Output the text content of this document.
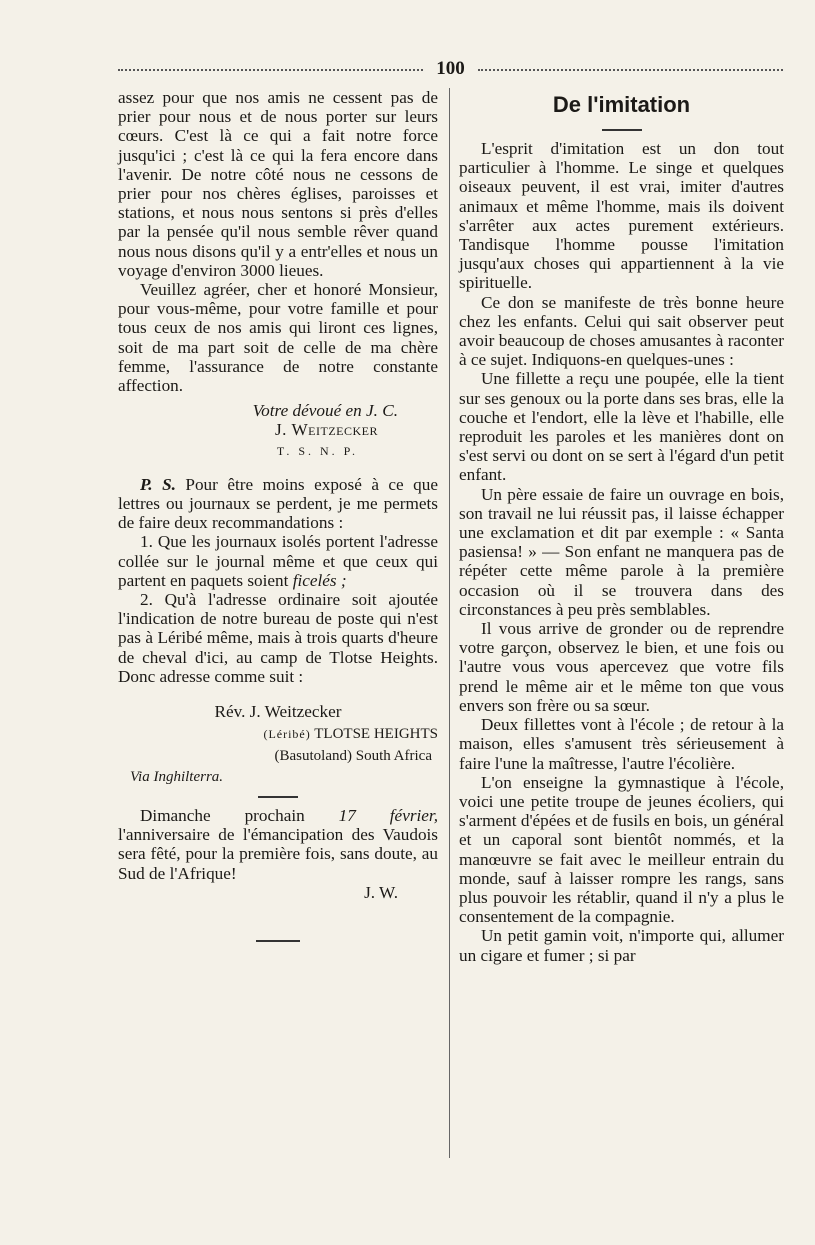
100

assez pour que nos amis ne cessent pas de prier pour nous et de nous porter sur leurs cœurs. C'est là ce qui a fait notre force jusqu'ici ; c'est là ce qui la fera encore dans l'avenir. De notre côté nous ne cessons de prier pour nos chères églises, paroisses et stations, et nous nous sentons si près d'elles par la pensée qu'il nous semble rêver quand nous nous disons qu'il y a entr'elles et nous un voyage d'environ 3000 lieues.

Veuillez agréer, cher et honoré Monsieur, pour vous-même, pour votre famille et pour tous ceux de nos amis qui liront ces lignes, soit de ma part soit de celle de ma chère femme, l'assurance de notre constante affection.

Votre dévoué en J. C.
J. Weitzecker
T. S. N. P.

P. S. Pour être moins exposé à ce que lettres ou journaux se perdent, je me permets de faire deux recommandations :

1. Que les journaux isolés portent l'adresse collée sur le journal même et que ceux qui partent en paquets soient ficelés ;

2. Qu'à l'adresse ordinaire soit ajoutée l'indication de notre bureau de poste qui n'est pas à Léribé même, mais à trois quarts d'heure de cheval d'ici, au camp de Tlotse Heights. Donc adresse comme suit :

Rév. J. Weitzecker
(Léribé) TLOTSE HEIGHTS
(Basutoland) South Africa
Via Inghilterra.

Dimanche prochain 17 février, l'anniversaire de l'émancipation des Vaudois sera fêté, pour la première fois, sans doute, au Sud de l'Afrique!

J. W.
De l'imitation

L'esprit d'imitation est un don tout particulier à l'homme. Le singe et quelques oiseaux peuvent, il est vrai, imiter d'autres animaux et même l'homme, mais ils doivent s'arrêter aux actes purement extérieurs. Tandisque l'homme pousse l'imitation jusqu'aux choses qui appartiennent à la vie spirituelle.

Ce don se manifeste de très bonne heure chez les enfants. Celui qui sait observer peut avoir beaucoup de choses amusantes à raconter à ce sujet. Indiquons-en quelques-unes :

Une fillette a reçu une poupée, elle la tient sur ses genoux ou la porte dans ses bras, elle la couche et l'endort, elle la lève et l'habille, elle reproduit les paroles et les manières dont on s'est servi ou dont on se sert à l'égard d'un petit enfant.

Un père essaie de faire un ouvrage en bois, son travail ne lui réussit pas, il laisse échapper une exclamation et dit par exemple : « Santa pasiensa! » — Son enfant ne manquera pas de répéter cette même parole à la première occasion où il se trouvera dans des circonstances à peu près semblables.

Il vous arrive de gronder ou de reprendre votre garçon, observez le bien, et une fois ou l'autre vous vous apercevez que votre fils prend le même air et le même ton que vous envers son frère ou sa sœur.

Deux fillettes vont à l'école ; de retour à la maison, elles s'amusent très sérieusement à faire l'une la maîtresse, l'autre l'écolière.

L'on enseigne la gymnastique à l'école, voici une petite troupe de jeunes écoliers, qui s'arment d'épées et de fusils en bois, un général et un caporal sont bientôt nommés, et la manœuvre se fait avec le meilleur entrain du monde, sauf à laisser rompre les rangs, sans plus pouvoir les rétablir, quand il n'y a plus le consentement de la compagnie.

Un petit gamin voit, n'importe qui, allumer un cigare et fumer ; si par
